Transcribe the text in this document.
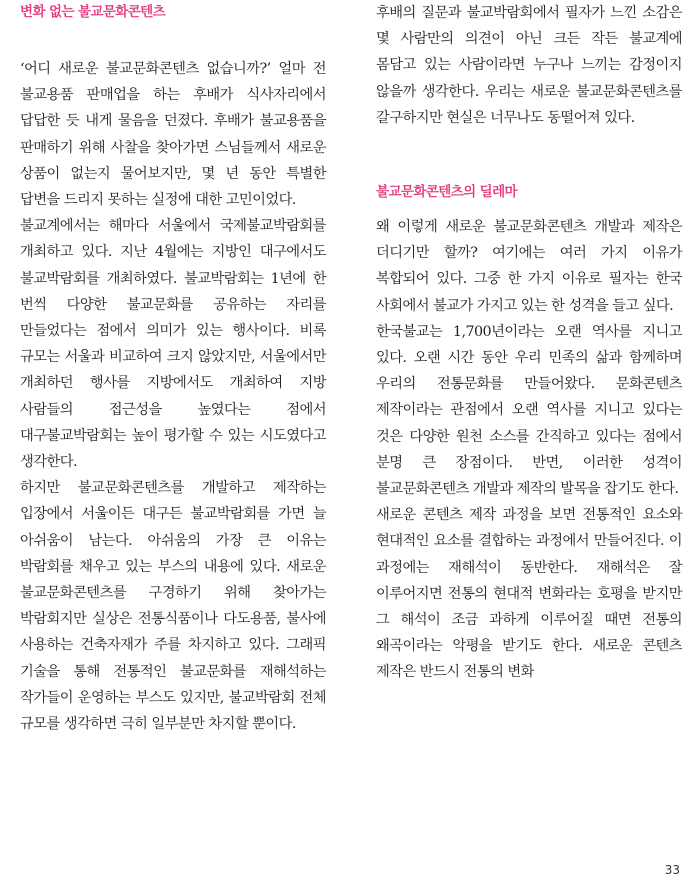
변화 없는 불교문화콘텐츠

‘어디 새로운 불교문화콘텐츠 없습니까?’ 얼마 전 불교용품 판매업을 하는 후배가 식사자리에서 답답한 듯 내게 물음을 던졌다. 후배가 불교용품을 판매하기 위해 사찰을 찾아가면 스님들께서 새로운 상품이 없는지 물어보지만, 몇 년 동안 특별한 답변을 드리지 못하는 실정에 대한 고민이었다.

불교계에서는 해마다 서울에서 국제불교박람회를 개최하고 있다. 지난 4월에는 지방인 대구에서도 불교박람회를 개최하였다. 불교박람회는 1년에 한 번씩 다양한 불교문화를 공유하는 자리를 만들었다는 점에서 의미가 있는 행사이다. 비록 규모는 서울과 비교하여 크지 않았지만, 서울에서만 개최하던 행사를 지방에서도 개최하여 지방 사람들의 접근성을 높였다는 점에서 대구불교박람회는 높이 평가할 수 있는 시도였다고 생각한다.

하지만 불교문화콘텐츠를 개발하고 제작하는 입장에서 서울이든 대구든 불교박람회를 가면 늘 아쉬움이 남는다. 아쉬움의 가장 큰 이유는 박람회를 채우고 있는 부스의 내용에 있다. 새로운 불교문화콘텐츠를 구경하기 위해 찾아가는 박람회지만 실상은 전통식품이나 다도용품, 불사에 사용하는 건축자재가 주를 차지하고 있다. 그래픽 기술을 통해 전통적인 불교문화를 재해석하는 작가들이 운영하는 부스도 있지만, 불교박람회 전체 규모를 생각하면 극히 일부분만 차지할 뿐이다.

후배의 질문과 불교박람회에서 필자가 느낀 소감은 몇 사람만의 의견이 아닌 크든 작든 불교계에 몸담고 있는 사람이라면 누구나 느끼는 감정이지 않을까 생각한다. 우리는 새로운 불교문화콘텐츠를 갈구하지만 현실은 너무나도 동떨어져 있다.

불교문화콘텐츠의 딜레마

왜 이렇게 새로운 불교문화콘텐츠 개발과 제작은 더디기만 할까? 여기에는 여러 가지 이유가 복합되어 있다. 그중 한 가지 이유로 필자는 한국 사회에서 불교가 가지고 있는 한 성격을 들고 싶다.

한국불교는 1,700년이라는 오랜 역사를 지니고 있다. 오랜 시간 동안 우리 민족의 삶과 함께하며 우리의 전통문화를 만들어왔다. 문화콘텐츠 제작이라는 관점에서 오랜 역사를 지니고 있다는 것은 다양한 원천 소스를 간직하고 있다는 점에서 분명 큰 장점이다. 반면, 이러한 성격이 불교문화콘텐츠 개발과 제작의 발목을 잡기도 한다.

새로운 콘텐츠 제작 과정을 보면 전통적인 요소와 현대적인 요소를 결합하는 과정에서 만들어진다. 이 과정에는 재해석이 동반한다. 재해석은 잘 이루어지면 전통의 현대적 변화라는 호평을 받지만 그 해석이 조금 과하게 이루어질 때면 전통의 왜곡이라는 악평을 받기도 한다. 새로운 콘텐츠 제작은 반드시 전통의 변화

33
